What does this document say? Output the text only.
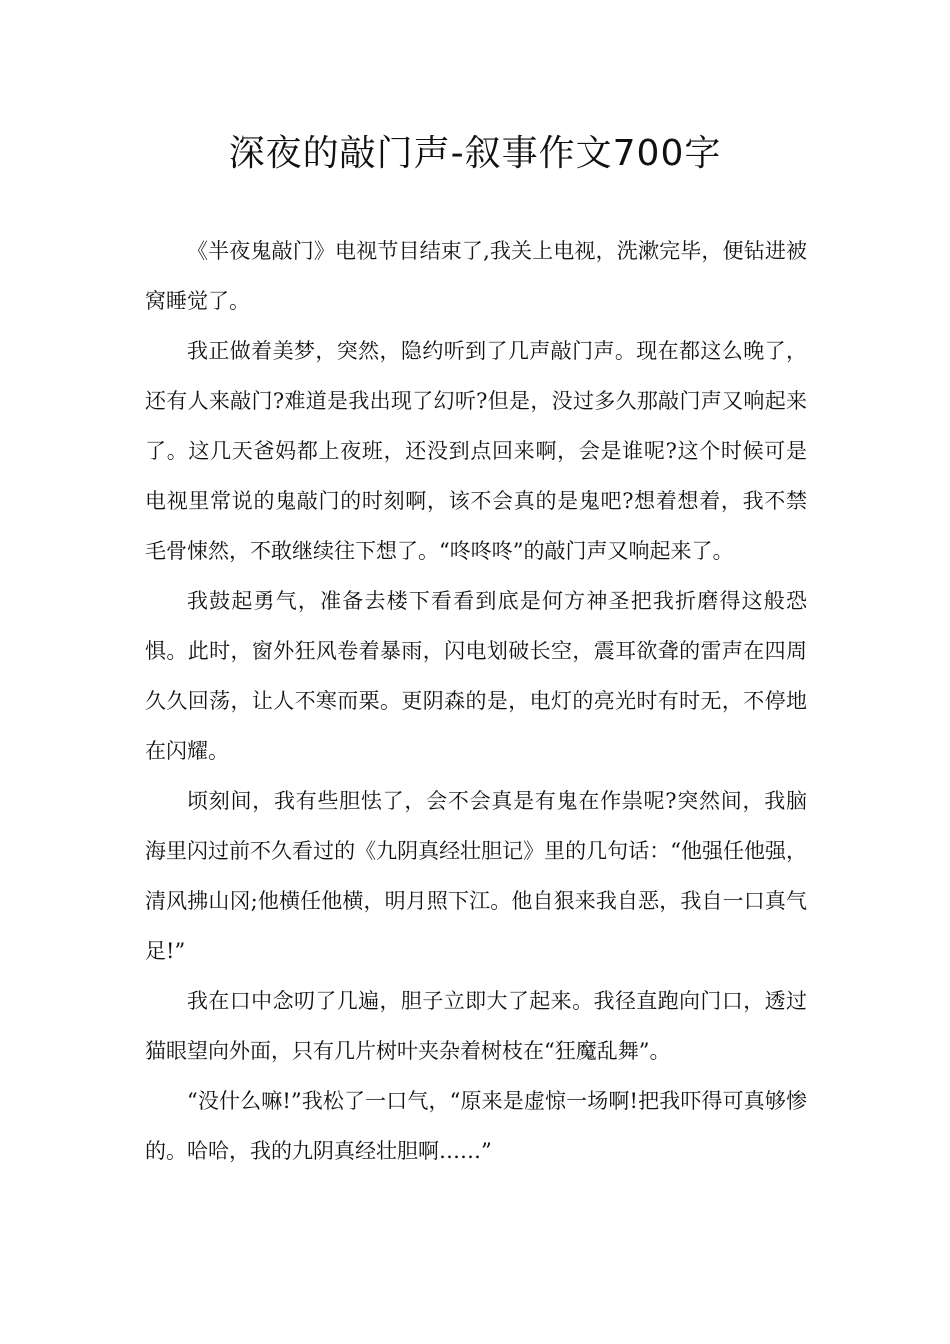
深夜的敲门声-叙事作文700字

《半夜鬼敲门》电视节目结束了,我关上电视，洗漱完毕，便钻进被窝睡觉了。

我正做着美梦，突然，隐约听到了几声敲门声。现在都这么晚了，还有人来敲门?难道是我出现了幻听?但是，没过多久那敲门声又响起来了。这几天爸妈都上夜班，还没到点回来啊，会是谁呢?这个时候可是电视里常说的鬼敲门的时刻啊，该不会真的是鬼吧?想着想着，我不禁毛骨悚然，不敢继续往下想了。“咚咚咚”的敲门声又响起来了。

我鼓起勇气，准备去楼下看看到底是何方神圣把我折磨得这般恐惧。此时，窗外狂风卷着暴雨，闪电划破长空，震耳欲聋的雷声在四周久久回荡，让人不寒而栗。更阴森的是，电灯的亮光时有时无，不停地在闪耀。

顷刻间，我有些胆怯了，会不会真是有鬼在作祟呢?突然间，我脑海里闪过前不久看过的《九阴真经壮胆记》里的几句话：“他强任他强，清风拂山冈;他横任他横，明月照下江。他自狠来我自恶，我自一口真气足!”

我在口中念叨了几遍，胆子立即大了起来。我径直跑向门口，透过猫眼望向外面，只有几片树叶夹杂着树枝在“狂魔乱舞”。

“没什么嘛!”我松了一口气，“原来是虚惊一场啊!把我吓得可真够惨的。哈哈，我的九阴真经壮胆啊……”
